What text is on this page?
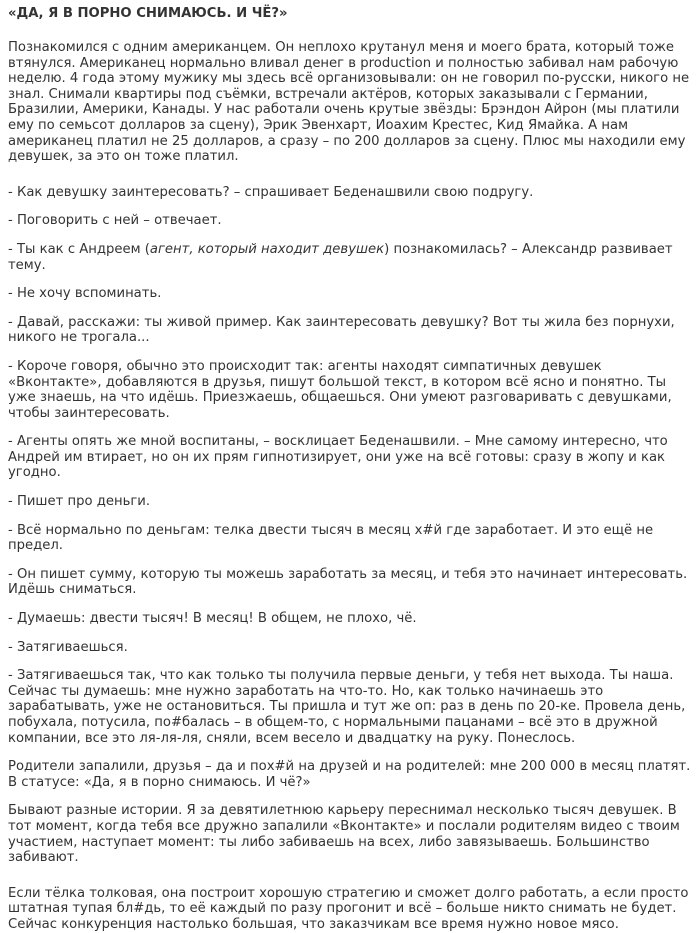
«ДА, Я В ПОРНО СНИМАЮСЬ. И ЧЁ?»

Познакомился с одним американцем. Он неплохо крутанул меня и моего брата, который тоже втянулся. Американец нормально вливал денег в production и полностью забивал нам рабочую неделю. 4 года этому мужику мы здесь всё организовывали: он не говорил по-русски, никого не знал. Снимали квартиры под съёмки, встречали актёров, которых заказывали с Германии, Бразилии, Америки, Канады. У нас работали очень крутые звёзды: Брэндон Айрон (мы платили ему по семьсот долларов за сцену), Эрик Эвенхарт, Иоахим Крестес, Кид Ямайка. А нам американец платил не 25 долларов, а сразу – по 200 долларов за сцену. Плюс мы находили ему девушек, за это он тоже платил.

- Как девушку заинтересовать? – спрашивает Беденашвили свою подругу.

- Поговорить с ней – отвечает.

- Ты как с Андреем (агент, который находит девушек) познакомилась? – Александр развивает тему.

- Не хочу вспоминать.

- Давай, расскажи: ты живой пример. Как заинтересовать девушку? Вот ты жила без порнухи, никого не трогала...

- Короче говоря, обычно это происходит так: агенты находят симпатичных девушек «Вконтакте», добавляются в друзья, пишут большой текст, в котором всё ясно и понятно. Ты уже знаешь, на что идёшь. Приезжаешь, общаешься. Они умеют разговаривать с девушками, чтобы заинтересовать.

- Агенты опять же мной воспитаны, – восклицает Беденашвили. – Мне самому интересно, что Андрей им втирает, но он их прям гипнотизирует, они уже на всё готовы: сразу в жопу и как угодно.

- Пишет про деньги.

- Всё нормально по деньгам: телка двести тысяч в месяц х#й где заработает. И это ещё не предел.

- Он пишет сумму, которую ты можешь заработать за месяц, и тебя это начинает интересовать. Идёшь сниматься.

- Думаешь: двести тысяч! В месяц! В общем, не плохо, чё.

- Затягиваешься.

- Затягиваешься так, что как только ты получила первые деньги, у тебя нет выхода. Ты наша. Сейчас ты думаешь: мне нужно заработать на что-то. Но, как только начинаешь это зарабатывать, уже не остановиться. Ты пришла и тут же оп: раз в день по 20-ке. Провела день, побухала, потусила, по#балась – в общем-то, с нормальными пацанами – всё это в дружной компании, все это ля-ля-ля, сняли, всем весело и двадцатку на руку. Понеслось.

Родители запалили, друзья – да и пох#й на друзей и на родителей: мне 200 000 в месяц платят. В статусе: «Да, я в порно снимаюсь. И чё?»

Бывают разные истории. Я за девятилетнюю карьеру переснимал несколько тысяч девушек. В тот момент, когда тебя все дружно запалили «Вконтакте» и послали родителям видео с твоим участием, наступает момент: ты либо забиваешь на всех, либо завязываешь. Большинство забивают.

Если тёлка толковая, она построит хорошую стратегию и сможет долго работать, а если просто штатная тупая бл#дь, то её каждый по разу прогонит и всё – больше никто снимать не будет. Сейчас конкуренция настолько большая, что заказчикам все время нужно новое мясо.
